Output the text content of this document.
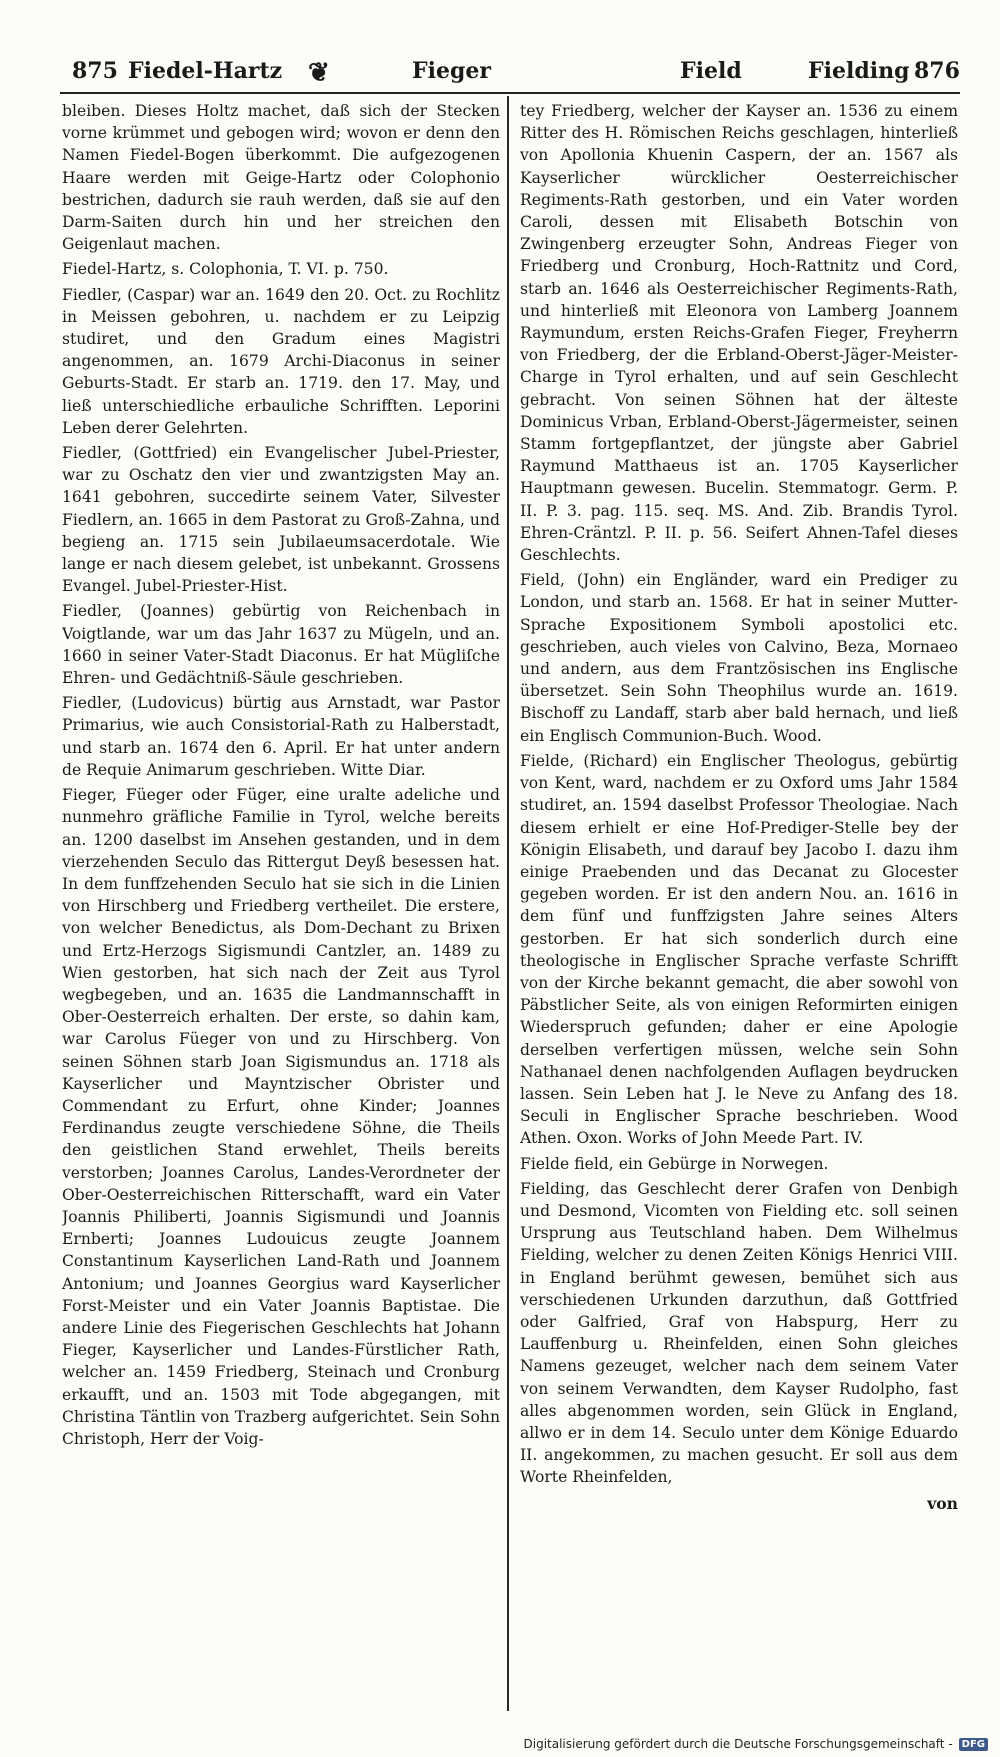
875 Fiedel-Hartz ❦	Fieger	Field	Fielding 876

bleiben. Dieses Holtz machet, daß sich der Stecken vorne krümmet und gebogen wird; wovon er denn den Namen Fiedel-Bogen überkommt. Die aufgezogenen Haare werden mit Geige-Hartz oder Colophonio bestrichen, dadurch sie rauh werden, daß sie auf den Darm-Saiten durch hin und her streichen den Geigenlaut machen.

Fiedel-Hartz, s. Colophonia, T. VI. p. 750.

Fiedler, (Caspar) war an. 1649 den 20. Oct. zu Rochlitz in Meissen gebohren, u. nachdem er zu Leipzig studiret, und den Gradum eines Magistri angenommen, an. 1679 Archi-Diaconus in seiner Geburts-Stadt. Er starb an. 1719. den 17. May, und ließ unterschiedliche erbauliche Schrifften. Leporini Leben derer Gelehrten.

Fiedler, (Gottfried) ein Evangelischer Jubel-Priester, war zu Oschatz den vier und zwantzigsten May an. 1641 gebohren, succedirte seinem Vater, Silvester Fiedlern, an. 1665 in dem Pastorat zu Groß-Zahna, und begieng an. 1715 sein Jubilaeumsacerdotale. Wie lange er nach diesem gelebet, ist unbekannt. Grossens Evangel. Jubel-Priester-Hist.

Fiedler, (Joannes) gebürtig von Reichenbach in Voigtlande, war um das Jahr 1637 zu Mügeln, und an. 1660 in seiner Vater-Stadt Diaconus. Er hat Mügliſche Ehren- und Gedächtniß-Säule geschrieben.

Fiedler, (Ludovicus) bürtig aus Arnstadt, war Pastor Primarius, wie auch Consistorial-Rath zu Halberstadt, und starb an. 1674 den 6. April. Er hat unter andern de Requie Animarum geschrieben. Witte Diar.

Fieger, Füeger oder Füger, eine uralte adeliche und nunmehro gräfliche Familie in Tyrol, welche bereits an. 1200 daselbst im Ansehen gestanden, und in dem vierzehenden Seculo das Rittergut Deyß besessen hat. In dem funffzehenden Seculo hat sie sich in die Linien von Hirschberg und Friedberg vertheilet. Die erstere, von welcher Benedictus, als Dom-Dechant zu Brixen und Ertz-Herzogs Sigismundi Cantzler, an. 1489 zu Wien gestorben, hat sich nach der Zeit aus Tyrol wegbegeben, und an. 1635 die Landmannschafft in Ober-Oesterreich erhalten. Der erste, so dahin kam, war Carolus Füeger von und zu Hirschberg. Von seinen Söhnen starb Joan Sigismundus an. 1718 als Kayserlicher und Mayntzischer Obrister und Commendant zu Erfurt, ohne Kinder; Joannes Ferdinandus zeugte verschiedene Söhne, die Theils den geistlichen Stand erwehlet, Theils bereits verstorben; Joannes Carolus, Landes-Verordneter der Ober-Oesterreichischen Ritterschafft, ward ein Vater Joannis Philiberti, Joannis Sigismundi und Joannis Ernberti; Joannes Ludouicus zeugte Joannem Constantinum Kayserlichen Land-Rath und Joannem Antonium; und Joannes Georgius ward Kayserlicher Forst-Meister und ein Vater Joannis Baptistae. Die andere Linie des Fiegerischen Geschlechts hat Johann Fieger, Kayserlicher und Landes-Fürstlicher Rath, welcher an. 1459 Friedberg, Steinach und Cronburg erkaufft, und an. 1503 mit Tode abgegangen, mit Christina Täntlin von Trazberg aufgerichtet. Sein Sohn Christoph, Herr der Voig-

tey Friedberg, welcher der Kayser an. 1536 zu einem Ritter des H. Römischen Reichs geschlagen, hinterließ von Apollonia Khuenin Caspern, der an. 1567 als Kayserlicher würcklicher Oesterreichischer Regiments-Rath gestorben, und ein Vater worden Caroli, dessen mit Elisabeth Botschin von Zwingenberg erzeugter Sohn, Andreas Fieger von Friedberg und Cronburg, Hoch-Rattnitz und Cord, starb an. 1646 als Oesterreichischer Regiments-Rath, und hinterließ mit Eleonora von Lamberg Joannem Raymundum, ersten Reichs-Grafen Fieger, Freyherrn von Friedberg, der die Erbland-Oberst-Jäger-Meister-Charge in Tyrol erhalten, und auf sein Geschlecht gebracht. Von seinen Söhnen hat der älteste Dominicus Vrban, Erbland-Oberst-Jägermeister, seinen Stamm fortgepflantzet, der jüngste aber Gabriel Raymund Matthaeus ist an. 1705 Kayserlicher Hauptmann gewesen. Bucelin. Stemmatogr. Germ. P. II. P. 3. pag. 115. seq. MS. And. Zib. Brandis Tyrol. Ehren-Cräntzl. P. II. p. 56. Seifert Ahnen-Tafel dieses Geschlechts.

Field, (John) ein Engländer, ward ein Prediger zu London, und starb an. 1568. Er hat in seiner Mutter-Sprache Expositionem Symboli apostolici etc. geschrieben, auch vieles von Calvino, Beza, Mornaeo und andern, aus dem Frantzösischen ins Englische übersetzet. Sein Sohn Theophilus wurde an. 1619. Bischoff zu Landaff, starb aber bald hernach, und ließ ein Englisch Communion-Buch. Wood.

Fielde, (Richard) ein Englischer Theologus, gebürtig von Kent, ward, nachdem er zu Oxford ums Jahr 1584 studiret, an. 1594 daselbst Professor Theologiae. Nach diesem erhielt er eine Hof-Prediger-Stelle bey der Königin Elisabeth, und darauf bey Jacobo I. dazu ihm einige Praebenden und das Decanat zu Glocester gegeben worden. Er ist den andern Nou. an. 1616 in dem fünf und funffzigsten Jahre seines Alters gestorben. Er hat sich sonderlich durch eine theologische in Englischer Sprache verfaste Schrifft von der Kirche bekannt gemacht, die aber sowohl von Päbstlicher Seite, als von einigen Reformirten einigen Wiederspruch gefunden; daher er eine Apologie derselben verfertigen müssen, welche sein Sohn Nathanael denen nachfolgenden Auflagen beydrucken lassen. Sein Leben hat J. le Neve zu Anfang des 18. Seculi in Englischer Sprache beschrieben. Wood Athen. Oxon. Works of John Meede Part. IV.

Fielde field, ein Gebürge in Norwegen.

Fielding, das Geschlecht derer Grafen von Denbigh und Desmond, Vicomten von Fielding etc. soll seinen Ursprung aus Teutschland haben. Dem Wilhelmus Fielding, welcher zu denen Zeiten Königs Henrici VIII. in England berühmt gewesen, bemühet sich aus verschiedenen Urkunden darzuthun, daß Gottfried oder Galfried, Graf von Habspurg, Herr zu Lauffenburg u. Rheinfelden, einen Sohn gleiches Namens gezeuget, welcher nach dem seinem Vater von seinem Verwandten, dem Kayser Rudolpho, fast alles abgenommen worden, sein Glück in England, allwo er in dem 14. Seculo unter dem Könige Eduardo II. angekommen, zu machen gesucht. Er soll aus dem Worte Rheinfelden,

von

Digitalisierung gefördert durch die Deutsche Forschungsgemeinschaft - DFG
